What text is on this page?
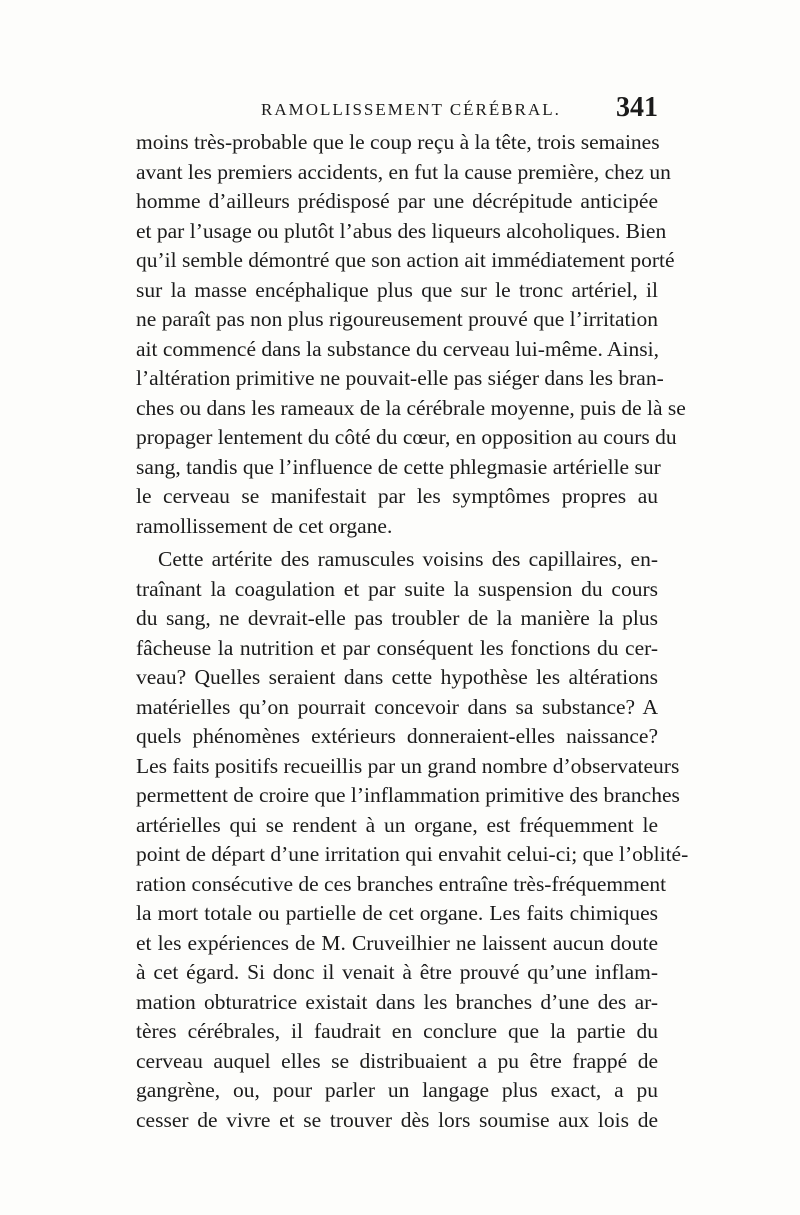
RAMOLLISSEMENT CÉRÉBRAL. 341
moins très-probable que le coup reçu à la tête, trois semaines
avant les premiers accidents, en fut la cause première, chez un
homme d’ailleurs prédisposé par une décrépitude anticipée
et par l’usage ou plutôt l’abus des liqueurs alcoholiques. Bien
qu’il semble démontré que son action ait immédiatement porté
sur la masse encéphalique plus que sur le tronc artériel, il
ne paraît pas non plus rigoureusement prouvé que l’irritation
ait commencé dans la substance du cerveau lui-même. Ainsi,
l’altération primitive ne pouvait-elle pas siéger dans les bran-
ches ou dans les rameaux de la cérébrale moyenne, puis de là se
propager lentement du côté du cœur, en opposition au cours du
sang, tandis que l’influence de cette phlegmasie artérielle sur
le cerveau se manifestait par les symptômes propres au
ramollissement de cet organe.
Cette artérite des ramuscules voisins des capillaires, en-
traînant la coagulation et par suite la suspension du cours
du sang, ne devrait-elle pas troubler de la manière la plus
fâcheuse la nutrition et par conséquent les fonctions du cer-
veau? Quelles seraient dans cette hypothèse les altérations
matérielles qu’on pourrait concevoir dans sa substance? A
quels phénomènes extérieurs donneraient-elles naissance?
Les faits positifs recueillis par un grand nombre d’observateurs
permettent de croire que l’inflammation primitive des branches
artérielles qui se rendent à un organe, est fréquemment le
point de départ d’une irritation qui envahit celui-ci; que l’oblité-
ration consécutive de ces branches entraîne très-fréquemment
la mort totale ou partielle de cet organe. Les faits chimiques
et les expériences de M. Cruveilhier ne laissent aucun doute
à cet égard. Si donc il venait à être prouvé qu’une inflam-
mation obturatrice existait dans les branches d’une des ar-
tères cérébrales, il faudrait en conclure que la partie du
cerveau auquel elles se distribuaient a pu être frappé de
gangrène, ou, pour parler un langage plus exact, a pu
cesser de vivre et se trouver dès lors soumise aux lois de
